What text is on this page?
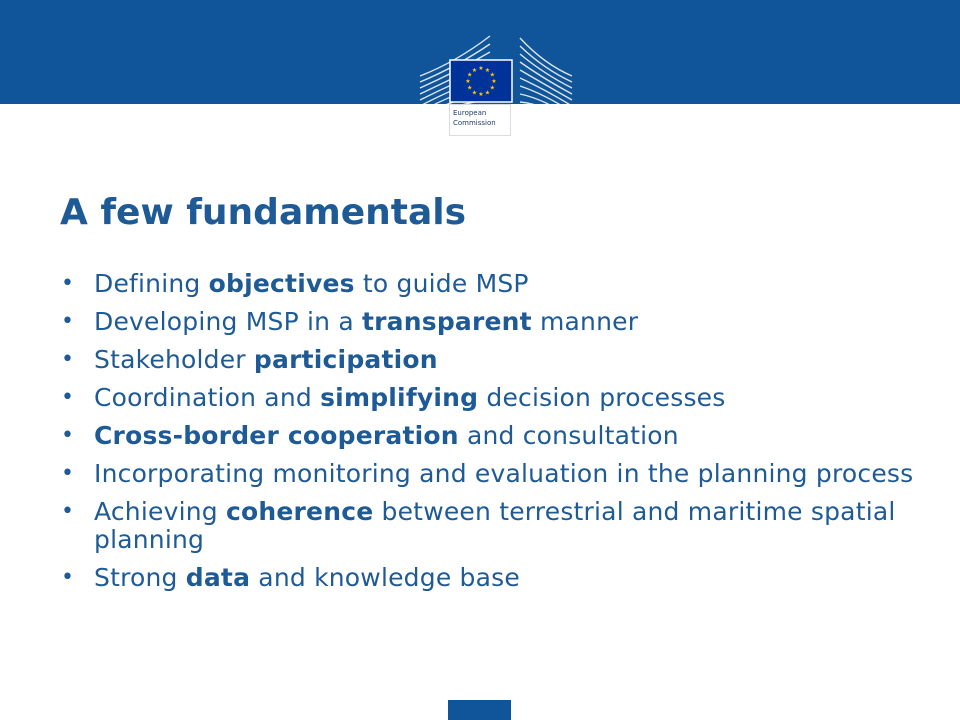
★ ★
★
★
★
★
★
★
★
★
★
★
European
Commission
A few fundamentals
• Defining objectives to guide MSP
• Developing MSP in a transparent manner
• Stakeholder participation
• Coordination and simplifying decision processes
• Cross-border cooperation and consultation
• Incorporating monitoring and evaluation in the planning process
• Achieving coherence between terrestrial and maritime spatial planning
• Strong data and knowledge base
